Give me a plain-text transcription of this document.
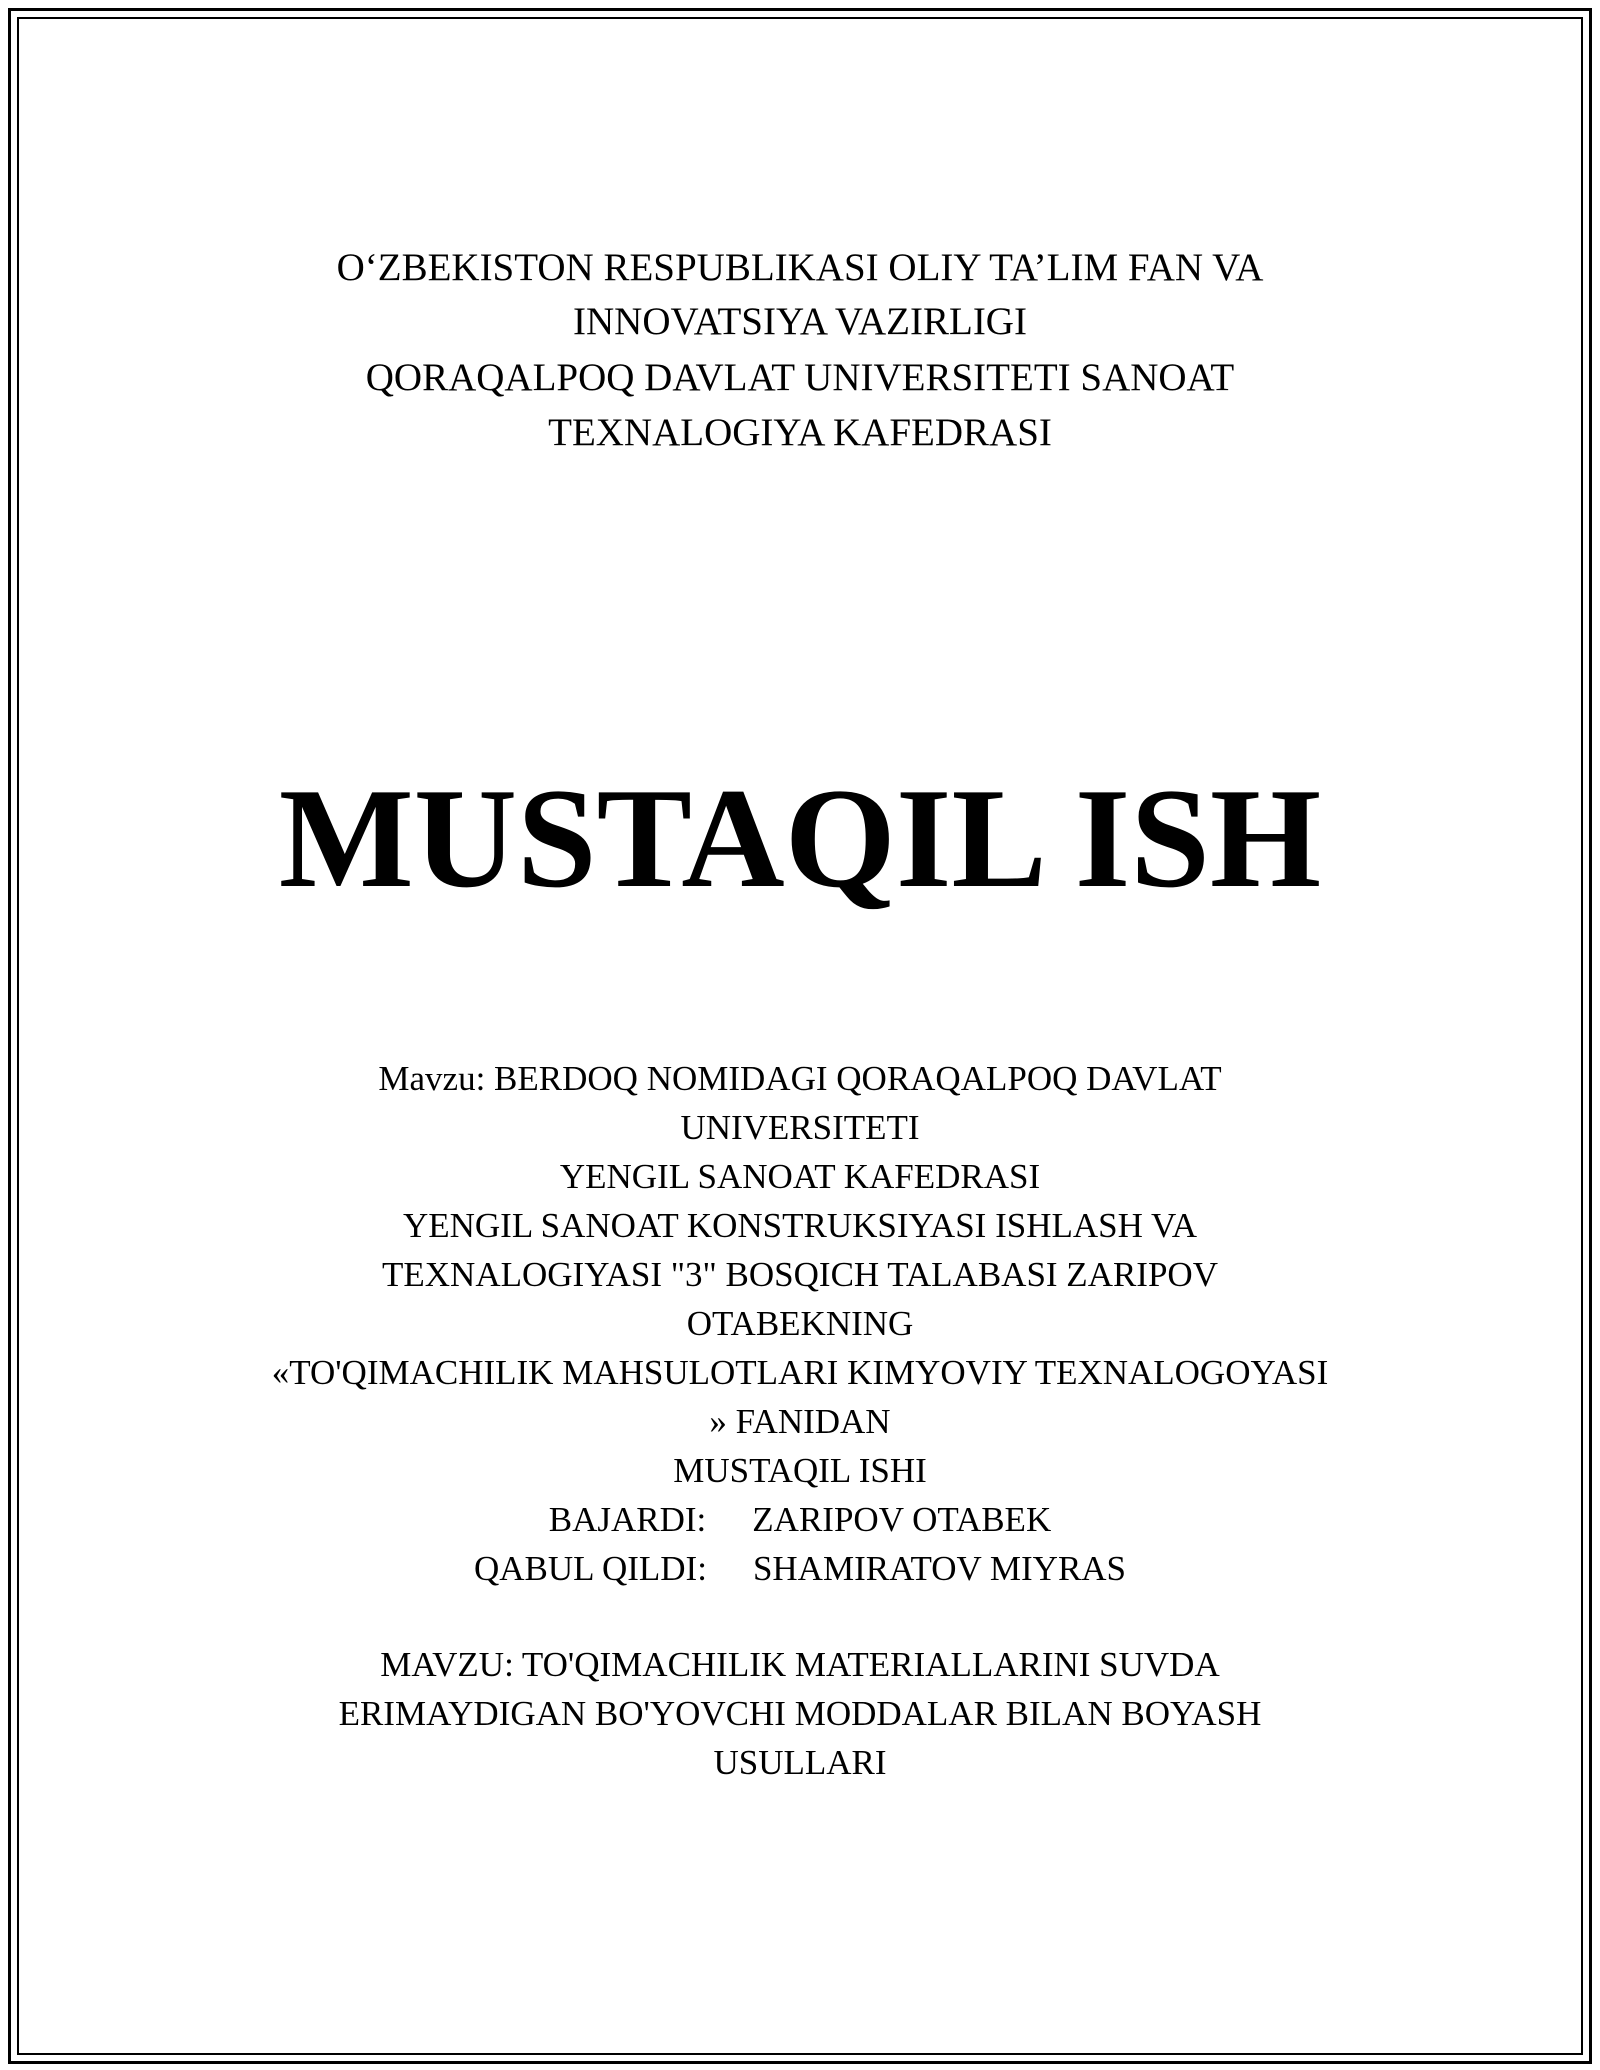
O‘ZBEKISTON RESPUBLIKASI OLIY TA’LIM FAN VA
INNOVATSIYA VAZIRLIGI
QORAQALPOQ DAVLAT UNIVERSITETI SANOAT
TEXNALOGIYA KAFEDRASI
MUSTAQIL ISH
Mavzu: BERDOQ NOMIDAGI QORAQALPOQ DAVLAT
UNIVERSITETI
YENGIL SANOAT KAFEDRASI
YENGIL SANOAT KONSTRUKSIYASI ISHLASH VA
TEXNALOGIYASI "3" BOSQICH TALABASI ZARIPOV
OTABEKNING
«TO'QIMACHILIK MAHSULOTLARI KIMYOVIY TEXNALOGOYASI
» FANIDAN
MUSTAQIL ISHI
BAJARDI: ZARIPOV OTABEK
QABUL QILDI: SHAMIRATOV MIYRAS
MAVZU: TO'QIMACHILIK MATERIALLARINI SUVDA
ERIMAYDIGAN BO'YOVCHI MODDALAR BILAN BOYASH
USULLARI
